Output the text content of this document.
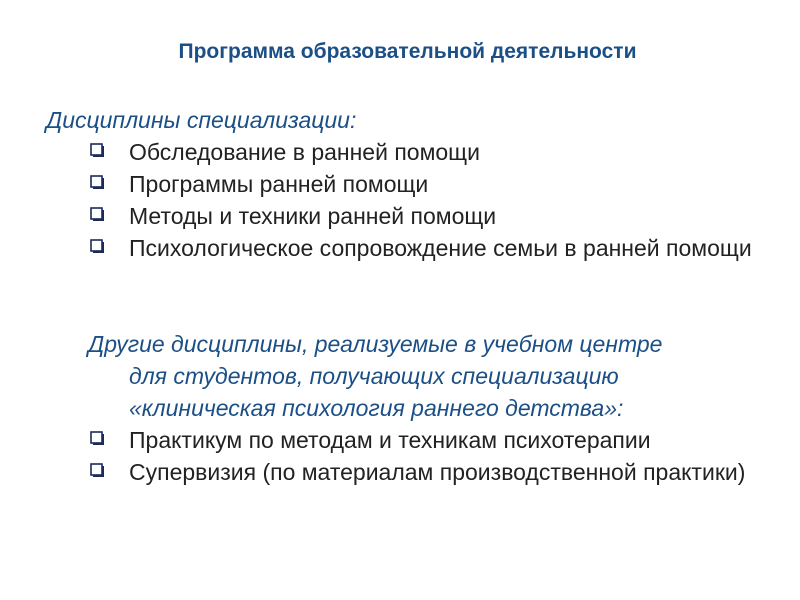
Программа образовательной деятельности
Дисциплины специализации:
Обследование в ранней помощи
Программы ранней помощи
Методы и техники ранней помощи
Психологическое сопровождение семьи в ранней помощи
Другие дисциплины, реализуемые в учебном центре
для студентов, получающих специализацию
«клиническая психология раннего детства»:
Практикум по методам и техникам психотерапии
Супервизия (по материалам производственной практики)
